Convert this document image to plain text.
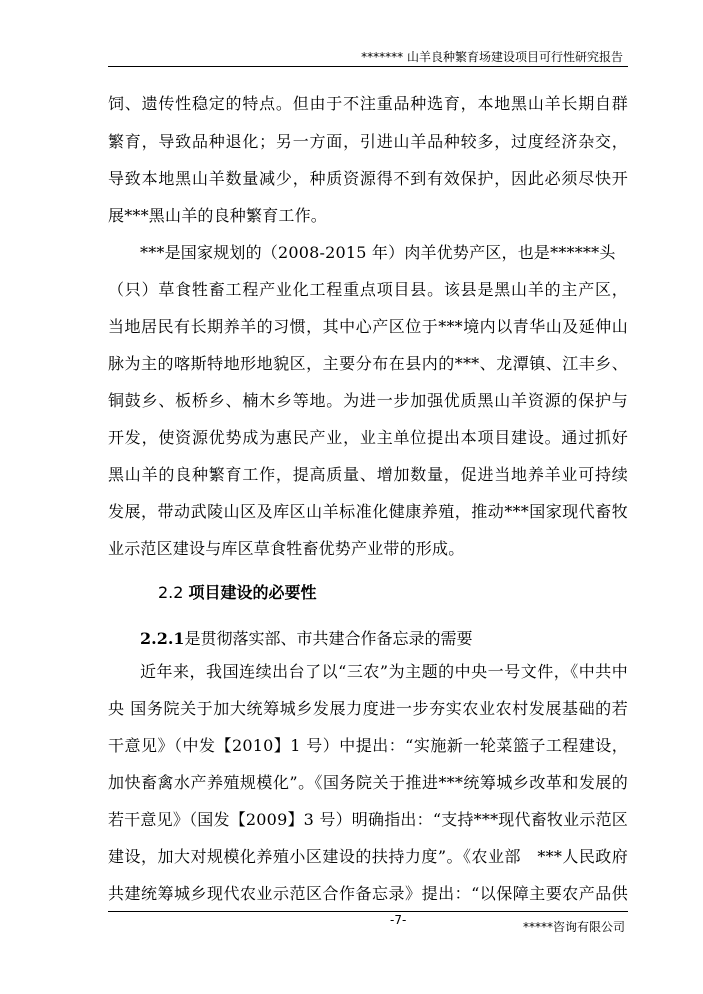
******* 山羊良种繁育场建设项目可行性研究报告
饲、遗传性稳定的特点。但由于不注重品种选育，本地黑山羊长期自群
繁育，导致品种退化；另一方面，引进山羊品种较多，过度经济杂交，
导致本地黑山羊数量减少，种质资源得不到有效保护，因此必须尽快开
展***黑山羊的良种繁育工作。
***是国家规划的（2008-2015 年）肉羊优势产区，也是******头
（只）草食牲畜工程产业化工程重点项目县。该县是黑山羊的主产区，
当地居民有长期养羊的习惯，其中心产区位于***境内以青华山及延伸山
脉为主的喀斯特地形地貌区，主要分布在县内的***、龙潭镇、江丰乡、
铜鼓乡、板桥乡、楠木乡等地。为进一步加强优质黑山羊资源的保护与
开发，使资源优势成为惠民产业，业主单位提出本项目建设。通过抓好
黑山羊的良种繁育工作，提高质量、增加数量，促进当地养羊业可持续
发展，带动武陵山区及库区山羊标准化健康养殖，推动***国家现代畜牧
业示范区建设与库区草食牲畜优势产业带的形成。
2.2 项目建设的必要性
2.2.1是贯彻落实部、市共建合作备忘录的需要
近年来，我国连续出台了以“三农”为主题的中央一号文件，《中共中
央 国务院关于加大统筹城乡发展力度进一步夯实农业农村发展基础的若
干意见》（中发【2010】1 号）中提出：“实施新一轮菜篮子工程建设，
加快畜禽水产养殖规模化”。《国务院关于推进***统筹城乡改革和发展的
若干意见》（国发【2009】3 号）明确指出：“支持***现代畜牧业示范区
建设，加大对规模化养殖小区建设的扶持力度”。《农业部　***人民政府
共建统筹城乡现代农业示范区合作备忘录》提出：“以保障主要农产品供
-7-	*****咨询有限公司
